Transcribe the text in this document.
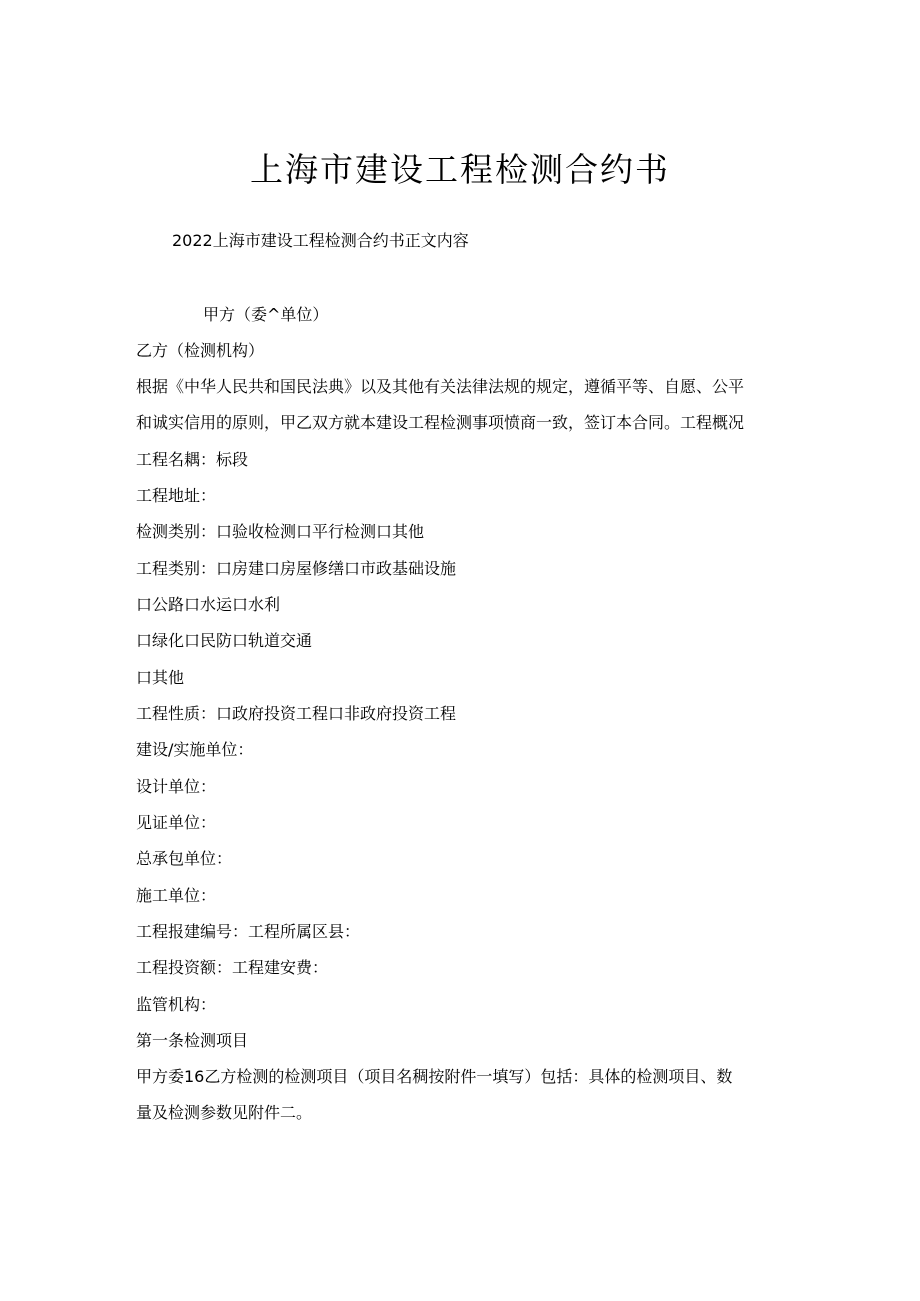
上海市建设工程检测合约书
2022上海市建设工程检测合约书正文内容
甲方（委^单位）
乙方（检测机构）
根据《中华人民共和国民法典》以及其他有关法律法规的规定，遵循平等、自愿、公平
和诚实信用的原则，甲乙双方就本建设工程检测事项愤商一致，签订本合同。工程概况
工程名耦：标段
工程地址：
检测类别：口验收检测口平行检测口其他
工程类别：口房建口房屋修缮口市政基础设施
口公路口水运口水利
口绿化口民防口轨道交通
口其他
工程性质：口政府投资工程口非政府投资工程
建设/实施单位：
设计单位：
见证单位：
总承包单位：
施工单位：
工程报建编号：工程所属区县：
工程投资额：工程建安费：
监管机构：
第一条检测项目
甲方委16乙方检测的检测项目（项目名稠按附件一填写）包括：具体的检测项目、数
量及检测参数见附件二。
